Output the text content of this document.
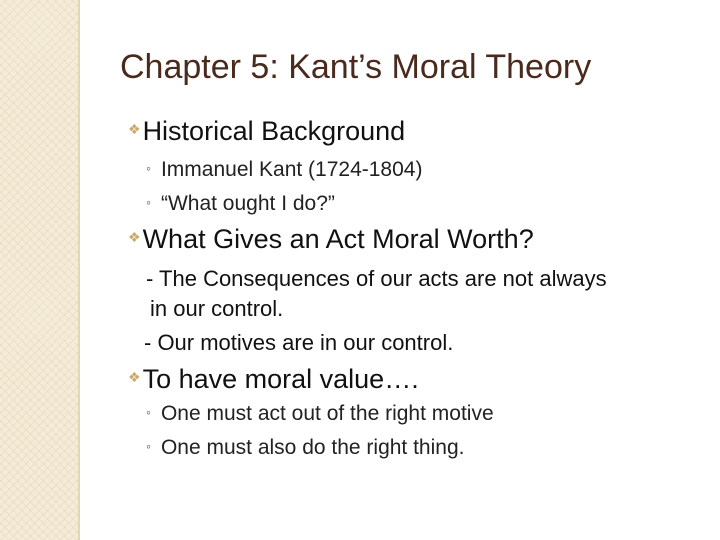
Chapter 5: Kant’s Moral Theory
❖Historical Background
◦ Immanuel Kant (1724-1804)
◦ “What ought I do?”
❖What Gives an Act Moral Worth?
- The Consequences of our acts are not always
in our control.
- Our motives are in our control.
❖To have moral value….
◦ One must act out of the right motive
◦ One must also do the right thing.
